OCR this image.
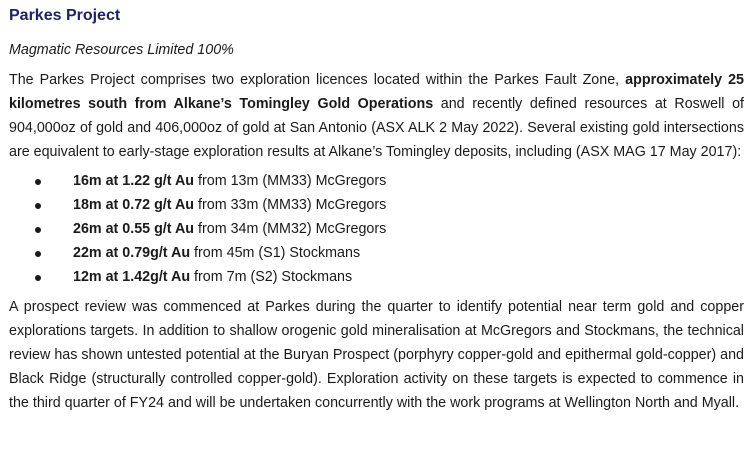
Parkes Project
Magmatic Resources Limited 100%

The Parkes Project comprises two exploration licences located within the Parkes Fault Zone, approximately 25 kilometres south from Alkane’s Tomingley Gold Operations and recently defined resources at Roswell of 904,000oz of gold and 406,000oz of gold at San Antonio (ASX ALK 2 May 2022). Several existing gold intersections are equivalent to early-stage exploration results at Alkane’s Tomingley deposits, including (ASX MAG 17 May 2017):

16m at 1.22 g/t Au from 13m (MM33) McGregors
18m at 0.72 g/t Au from 33m (MM33) McGregors
26m at 0.55 g/t Au from 34m (MM32) McGregors
22m at 0.79g/t Au from 45m (S1) Stockmans
12m at 1.42g/t Au from 7m (S2) Stockmans

A prospect review was commenced at Parkes during the quarter to identify potential near term gold and copper explorations targets. In addition to shallow orogenic gold mineralisation at McGregors and Stockmans, the technical review has shown untested potential at the Buryan Prospect (porphyry copper-gold and epithermal gold-copper) and Black Ridge (structurally controlled copper-gold). Exploration activity on these targets is expected to commence in the third quarter of FY24 and will be undertaken concurrently with the work programs at Wellington North and Myall.
